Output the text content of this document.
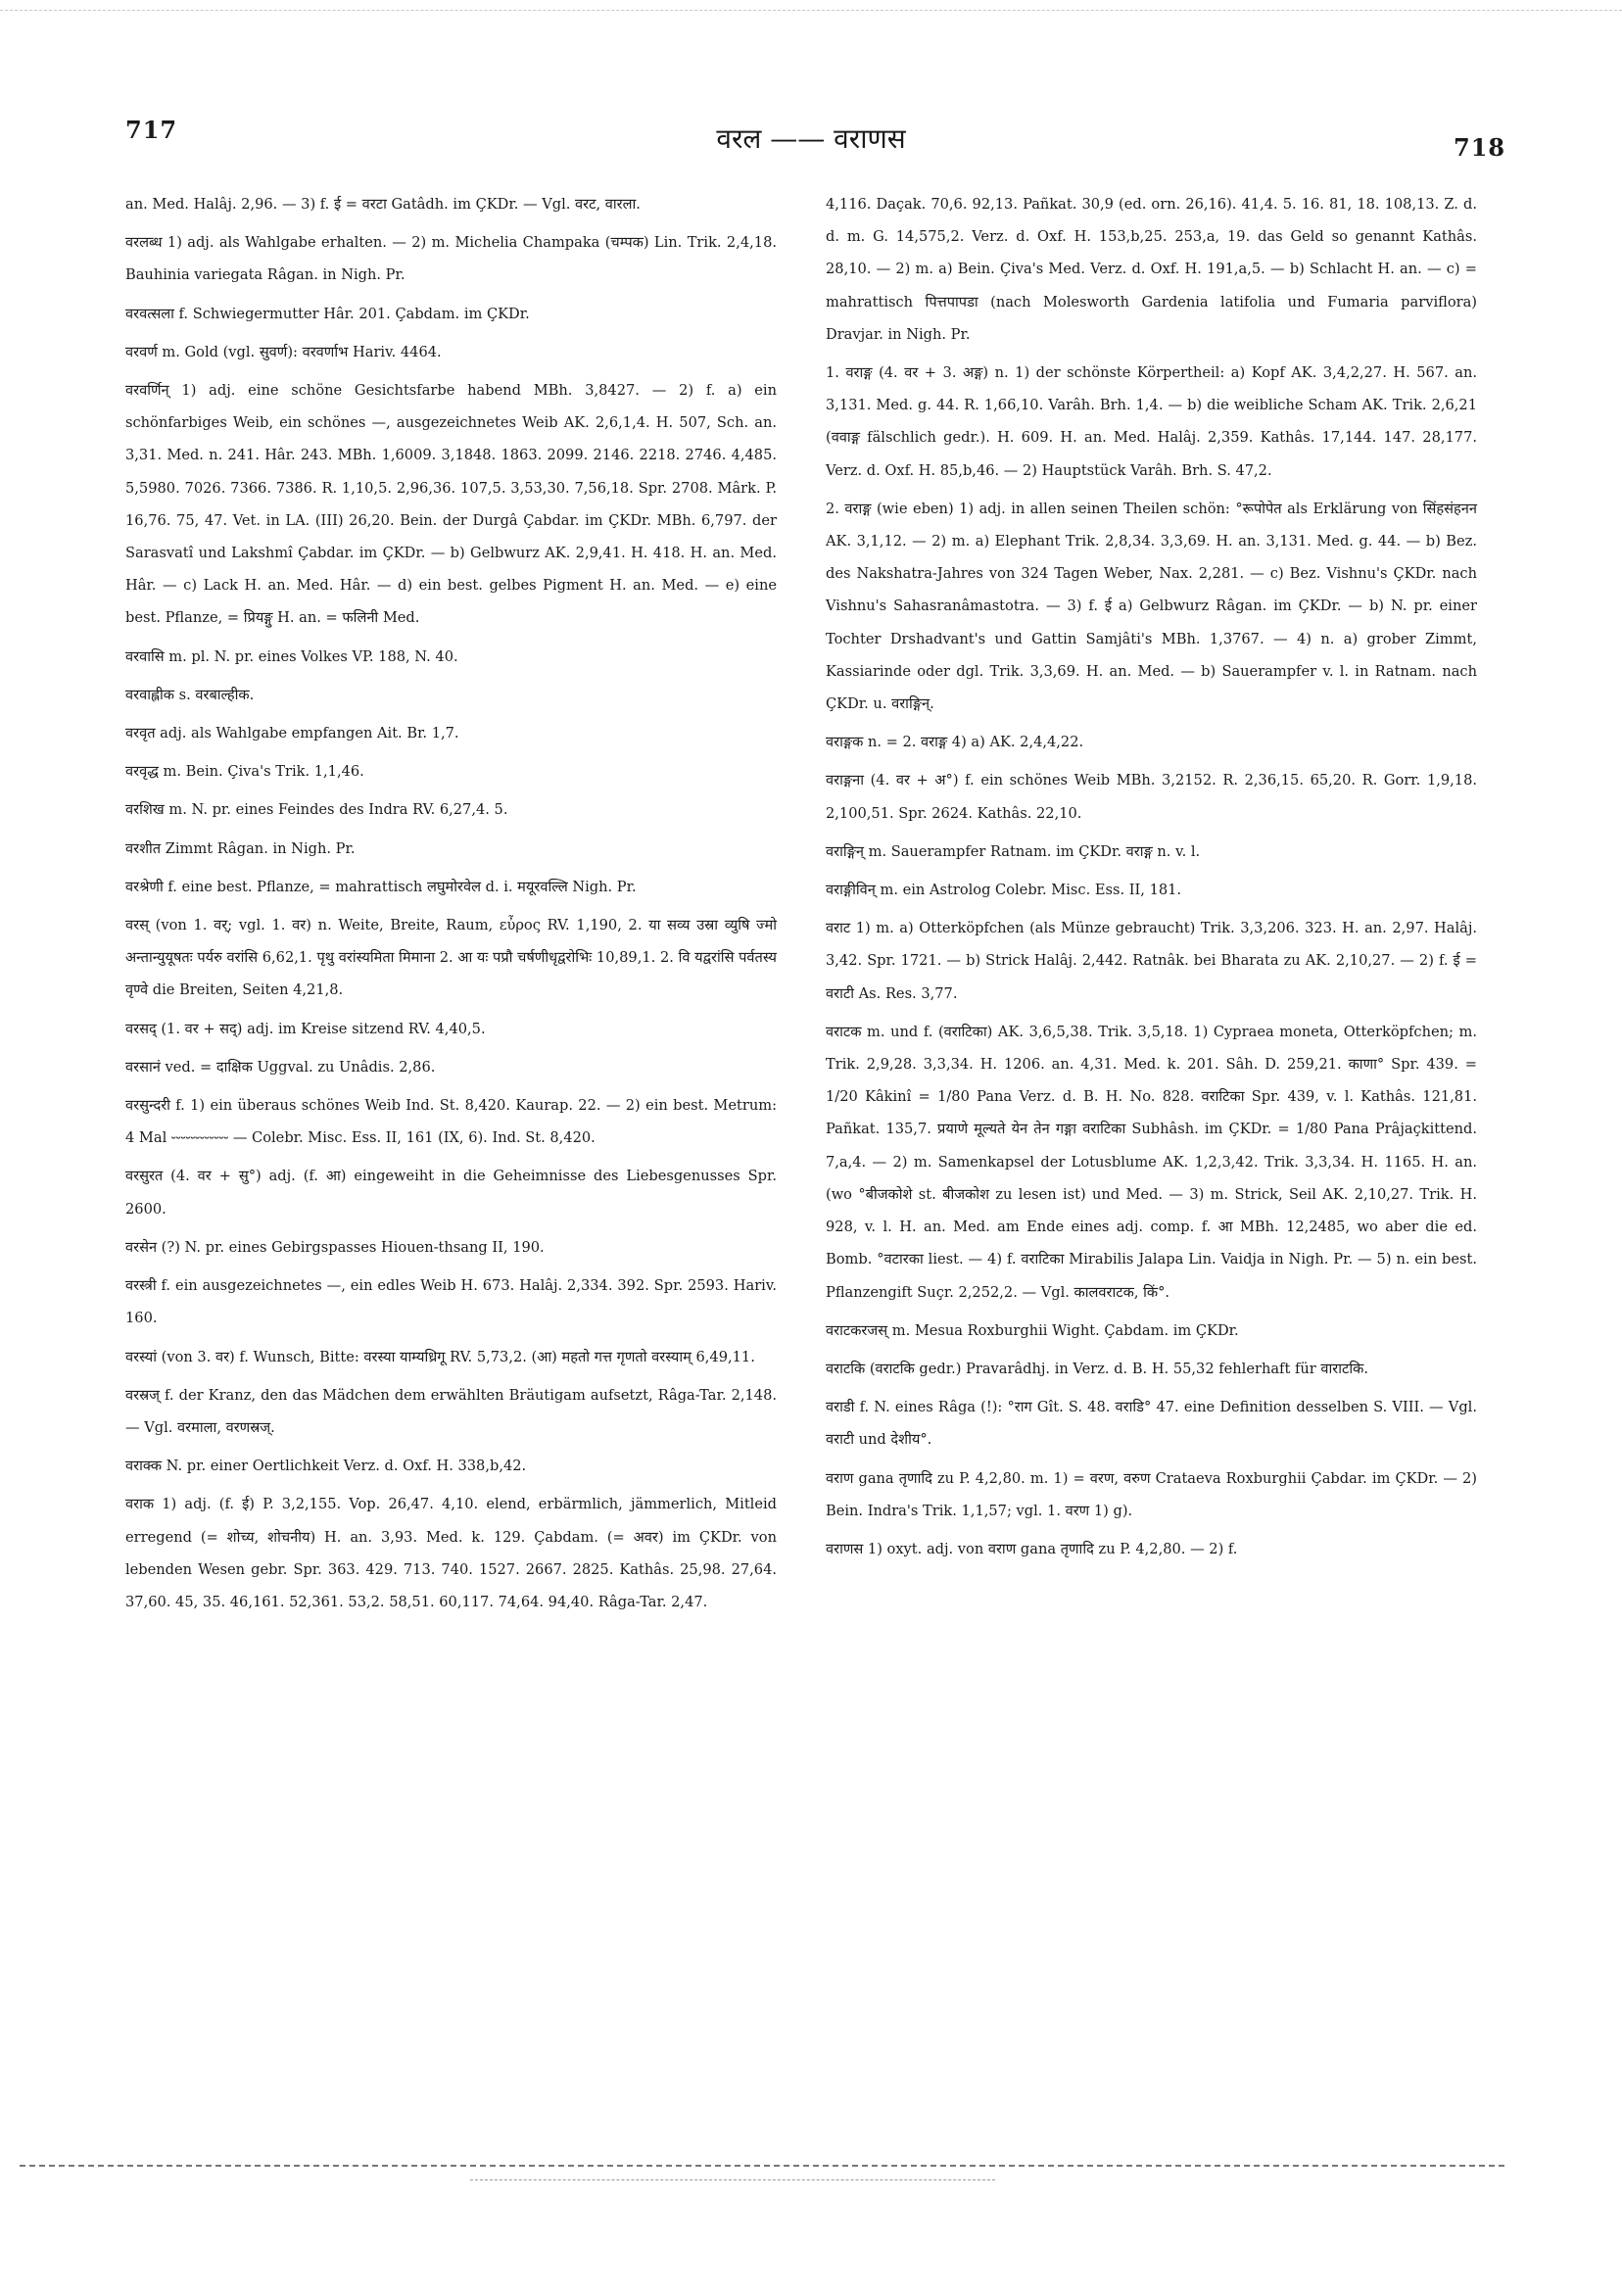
717	वरल —— वराणस	718

an. Med. Halâj. 2,96. — 3) f. ई = वरटा Gatâdh. im ÇKDr. — Vgl. वरट, वारला.

वरलब्ध 1) adj. als Wahlgabe erhalten. — 2) m. Michelia Champaka (चम्पक) Lin. Trik. 2,4,18. Bauhinia variegata Râgan. in Nigh. Pr.

वरवत्सला f. Schwiegermutter Hâr. 201. Çabdam. im ÇKDr.

वरवर्ण m. Gold (vgl. सुवर्ण): वरवर्णाभ Hariv. 4464.

वरवर्णिन् 1) adj. eine schöne Gesichtsfarbe habend MBh. 3,8427. — 2) f. a) ein schönfarbiges Weib, ein schönes —, ausgezeichnetes Weib AK. 2,6,1,4. H. 507, Sch. an. 3,31. Med. n. 241. Hâr. 243. MBh. 1,6009. 3,1848. 1863. 2099. 2146. 2218. 2746. 4,485. 5,5980. 7026. 7366. 7386. R. 1,10,5. 2,96,36. 107,5. 3,53,30. 7,56,18. Spr. 2708. Mârk. P. 16,76. 75, 47. Vet. in LA. (III) 26,20. Bein. der Durgâ Çabdar. im ÇKDr. MBh. 6,797. der Sarasvatî und Lakshmî Çabdar. im ÇKDr. — b) Gelbwurz AK. 2,9,41. H. 418. H. an. Med. Hâr. — c) Lack H. an. Med. Hâr. — d) ein best. gelbes Pigment H. an. Med. — e) eine best. Pflanze, = प्रियङ्गु H. an. = फलिनी Med.

वरवासि m. pl. N. pr. eines Volkes VP. 188, N. 40.

वरवाह्लीक s. वरबाल्हीक.

वरवृत adj. als Wahlgabe empfangen Ait. Br. 1,7.

वरवृद्ध m. Bein. Çiva's Trik. 1,1,46.

वरशिख m. N. pr. eines Feindes des Indra RV. 6,27,4. 5.

वरशीत Zimmt Râgan. in Nigh. Pr.

वरश्रेणी f. eine best. Pflanze, = mahrattisch लघुमोरवेल d. i. मयूरवल्लि Nigh. Pr.

वरस् (von 1. वर्; vgl. 1. वर) n. Weite, Breite, Raum, εὖρος RV. 1,190, 2. या सव्य उस्रा व्युषि ज्मो अन्तान्युयूषतः पर्यरु वरांसि 6,62,1. पृथु वरांस्यमिता मिमाना 2. आ यः पप्रौ चर्षणीधृद्वरोभिः 10,89,1. 2. वि यद्वरांसि पर्वतस्य वृण्वे die Breiten, Seiten 4,21,8.

वरसद् (1. वर + सद्) adj. im Kreise sitzend RV. 4,40,5.

वरसानं ved. = दाक्षिक Uggval. zu Unâdis. 2,86.

वरसुन्दरी f. 1) ein überaus schönes Weib Ind. St. 8,420. Kaurap. 22. — 2) ein best. Metrum: 4 Mal ⏑⏑⏑⏑⏑⏑⏑⏑⏑⏑⏑⏑ — Colebr. Misc. Ess. II, 161 (IX, 6). Ind. St. 8,420.

वरसुरत (4. वर + सु°) adj. (f. आ) eingeweiht in die Geheimnisse des Liebesgenusses Spr. 2600.

वरसेन (?) N. pr. eines Gebirgspasses Hiouen-thsang II, 190.

वरस्त्री f. ein ausgezeichnetes —, ein edles Weib H. 673. Halâj. 2,334. 392. Spr. 2593. Hariv. 160.

वरस्यां (von 3. वर) f. Wunsch, Bitte: वरस्या याम्यध्रिगू RV. 5,73,2. (आ) महतो गत्त गृणतो वरस्याम् 6,49,11.

वरस्रज् f. der Kranz, den das Mädchen dem erwählten Bräutigam aufsetzt, Râga-Tar. 2,148. — Vgl. वरमाला, वरणस्रज्.

वराक्क N. pr. einer Oertlichkeit Verz. d. Oxf. H. 338,b,42.

वराक 1) adj. (f. ई) P. 3,2,155. Vop. 26,47. 4,10. elend, erbärmlich, jämmerlich, Mitleid erregend (= शोच्य, शोचनीय) H. an. 3,93. Med. k. 129. Çabdam. (= अवर) im ÇKDr. von lebenden Wesen gebr. Spr. 363. 429. 713. 740. 1527. 2667. 2825. Kathâs. 25,98. 27,64. 37,60. 45, 35. 46,161. 52,361. 53,2. 58,51. 60,117. 74,64. 94,40. Râga-Tar. 2,47.

4,116. Daçak. 70,6. 92,13. Pañkat. 30,9 (ed. orn. 26,16). 41,4. 5. 16. 81, 18. 108,13. Z. d. d. m. G. 14,575,2. Verz. d. Oxf. H. 153,b,25. 253,a, 19. das Geld so genannt Kathâs. 28,10. — 2) m. a) Bein. Çiva's Med. Verz. d. Oxf. H. 191,a,5. — b) Schlacht H. an. — c) = mahrattisch पित्तपापडा (nach Molesworth Gardenia latifolia und Fumaria parviflora) Dravjar. in Nigh. Pr.

1. वराङ्ग (4. वर + 3. अङ्ग) n. 1) der schönste Körpertheil: a) Kopf AK. 3,4,2,27. H. 567. an. 3,131. Med. g. 44. R. 1,66,10. Varâh. Brh. 1,4. — b) die weibliche Scham AK. Trik. 2,6,21 (ववाङ्ग fälschlich gedr.). H. 609. H. an. Med. Halâj. 2,359. Kathâs. 17,144. 147. 28,177. Verz. d. Oxf. H. 85,b,46. — 2) Hauptstück Varâh. Brh. S. 47,2.

2. वराङ्ग (wie eben) 1) adj. in allen seinen Theilen schön: °रूपोपेत als Erklärung von सिंहसंहनन AK. 3,1,12. — 2) m. a) Elephant Trik. 2,8,34. 3,3,69. H. an. 3,131. Med. g. 44. — b) Bez. des Nakshatra-Jahres von 324 Tagen Weber, Nax. 2,281. — c) Bez. Vishnu's ÇKDr. nach Vishnu's Sahasranâmastotra. — 3) f. ई a) Gelbwurz Râgan. im ÇKDr. — b) N. pr. einer Tochter Drshadvant's und Gattin Samjâti's MBh. 1,3767. — 4) n. a) grober Zimmt, Kassiarinde oder dgl. Trik. 3,3,69. H. an. Med. — b) Sauerampfer v. l. in Ratnam. nach ÇKDr. u. वराङ्गिन्.

वराङ्गक n. = 2. वराङ्ग 4) a) AK. 2,4,4,22.

वराङ्गना (4. वर + अ°) f. ein schönes Weib MBh. 3,2152. R. 2,36,15. 65,20. R. Gorr. 1,9,18. 2,100,51. Spr. 2624. Kathâs. 22,10.

वराङ्गिन् m. Sauerampfer Ratnam. im ÇKDr. वराङ्ग n. v. l.

वराङ्गीविन् m. ein Astrolog Colebr. Misc. Ess. II, 181.

वराट 1) m. a) Otterköpfchen (als Münze gebraucht) Trik. 3,3,206. 323. H. an. 2,97. Halâj. 3,42. Spr. 1721. — b) Strick Halâj. 2,442. Ratnâk. bei Bharata zu AK. 2,10,27. — 2) f. ई = वराटी As. Res. 3,77.

वराटक m. und f. (वराटिका) AK. 3,6,5,38. Trik. 3,5,18. 1) Cypraea moneta, Otterköpfchen; m. Trik. 2,9,28. 3,3,34. H. 1206. an. 4,31. Med. k. 201. Sâh. D. 259,21. काणा° Spr. 439. = 1/20 Kâkinî = 1/80 Pana Verz. d. B. H. No. 828. वराटिका Spr. 439, v. l. Kathâs. 121,81. Pañkat. 135,7. प्रयाणे मूल्यते येन तेन गङ्गा वराटिका Subhâsh. im ÇKDr. = 1/80 Pana Prâjaçkittend. 7,a,4. — 2) m. Samenkapsel der Lotusblume AK. 1,2,3,42. Trik. 3,3,34. H. 1165. H. an. (wo °बीजकोशे st. बीजकोश zu lesen ist) und Med. — 3) m. Strick, Seil AK. 2,10,27. Trik. H. 928, v. l. H. an. Med. am Ende eines adj. comp. f. आ MBh. 12,2485, wo aber die ed. Bomb. °वटारका liest. — 4) f. वराटिका Mirabilis Jalapa Lin. Vaidja in Nigh. Pr. — 5) n. ein best. Pflanzengift Suçr. 2,252,2. — Vgl. कालवराटक, किं°.

वराटकरजस् m. Mesua Roxburghii Wight. Çabdam. im ÇKDr.

वराटकि (वराटकि gedr.) Pravarâdhj. in Verz. d. B. H. 55,32 fehlerhaft für वाराटकि.

वराडी f. N. eines Râga (!): °राग Gît. S. 48. वराडि° 47. eine Definition desselben S. VIII. — Vgl. वराटी und देशीय°.

वराण gana तृणादि zu P. 4,2,80. m. 1) = वरण, वरुण Crataeva Roxburghii Çabdar. im ÇKDr. — 2) Bein. Indra's Trik. 1,1,57; vgl. 1. वरण 1) g).

वराणस 1) oxyt. adj. von वराण gana तृणादि zu P. 4,2,80. — 2) f.
